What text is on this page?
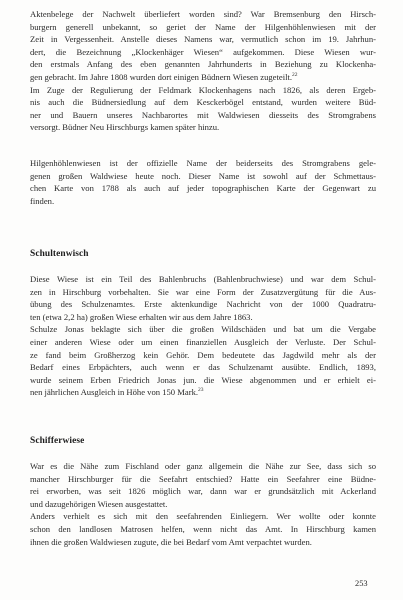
Aktenbelege der Nachwelt überliefert worden sind? War Bremsenburg den Hirsch-
burgern generell unbekannt, so geriet der Name der Hilgenhöhlenwiesen mit der
Zeit in Vergessenheit. Anstelle dieses Namens war, vermutlich schon im 19. Jahrhun-
dert, die Bezeichnung „Klockenhäger Wiesen“ aufgekommen. Diese Wiesen wur-
den erstmals Anfang des eben genannten Jahrhunderts in Beziehung zu Klockenha-
gen gebracht. Im Jahre 1808 wurden dort einigen Büdnern Wiesen zugeteilt.$^{22}$
Im Zuge der Regulierung der Feldmark Klockenhagens nach 1826, als deren Ergeb-
nis auch die Büdnersiedlung auf dem Kesckerbögel entstand, wurden weitere Büd-
ner und Bauern unseres Nachbarortes mit Waldwiesen diesseits des Stromgrabens
versorgt. Büdner Neu Hirschburgs kamen später hinzu.
Hilgenhöhlenwiesen ist der offizielle Name der beiderseits des Stromgrabens gele-
genen großen Waldwiese heute noch. Dieser Name ist sowohl auf der Schmettaus-
chen Karte von 1788 als auch auf jeder topographischen Karte der Gegenwart zu
finden.
Schultenwisch
Diese Wiese ist ein Teil des Bahlenbruchs (Bahlenbruchwiese) und war dem Schul-
zen in Hirschburg vorbehalten. Sie war eine Form der Zusatzvergütung für die Aus-
übung des Schulzenamtes. Erste aktenkundige Nachricht von der 1000 Quadratru-
ten (etwa 2,2 ha) großen Wiese erhalten wir aus dem Jahre 1863.
Schulze Jonas beklagte sich über die großen Wildschäden und bat um die Vergabe
einer anderen Wiese oder um einen finanziellen Ausgleich der Verluste. Der Schul-
ze fand beim Großherzog kein Gehör. Dem bedeutete das Jagdwild mehr als der
Bedarf eines Erbpächters, auch wenn er das Schulzenamt ausübte. Endlich, 1893,
wurde seinem Erben Friedrich Jonas jun. die Wiese abgenommen und er erhielt ei-
nen jährlichen Ausgleich in Höhe von 150 Mark.$^{23}$
Schifferwiese
War es die Nähe zum Fischland oder ganz allgemein die Nähe zur See, dass sich so
mancher Hirschburger für die Seefahrt entschied? Hatte ein Seefahrer eine Büdne-
rei erworben, was seit 1826 möglich war, dann war er grundsätzlich mit Ackerland
und dazugehörigen Wiesen ausgestattet.
Anders verhielt es sich mit den seefahrenden Einliegern. Wer wollte oder konnte
schon den landlosen Matrosen helfen, wenn nicht das Amt. In Hirschburg kamen
ihnen die großen Waldwiesen zugute, die bei Bedarf vom Amt verpachtet wurden.
253
